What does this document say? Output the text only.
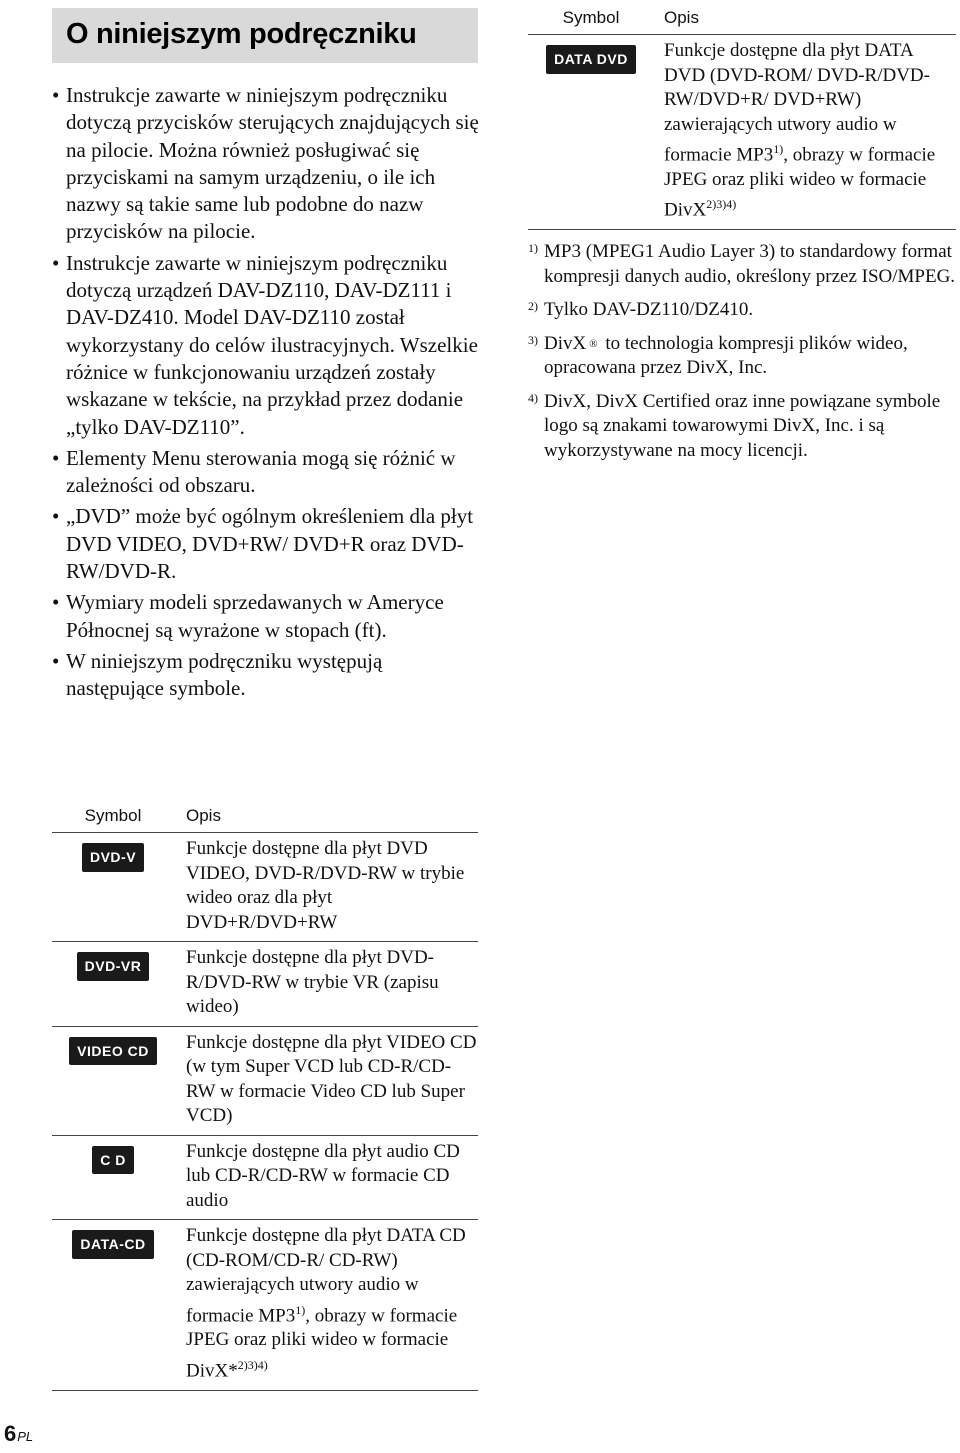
O niniejszym podręczniku
• Instrukcje zawarte w niniejszym podręczniku dotyczą przycisków sterujących znajdujących się na pilocie. Można również posługiwać się przyciskami na samym urządzeniu, o ile ich nazwy są takie same lub podobne do nazw przycisków na pilocie.
• Instrukcje zawarte w niniejszym podręczniku dotyczą urządzeń DAV-DZ110, DAV-DZ111 i DAV-DZ410. Model DAV-DZ110 został wykorzystany do celów ilustracyjnych. Wszelkie różnice w funkcjonowaniu urządzeń zostały wskazane w tekście, na przykład przez dodanie „tylko DAV-DZ110”.
• Elementy Menu sterowania mogą się różnić w zależności od obszaru.
• „DVD” może być ogólnym określeniem dla płyt DVD VIDEO, DVD+RW/ DVD+R oraz DVD-RW/DVD-R.
• Wymiary modeli sprzedawanych w Ameryce Północnej są wyrażone w stopach (ft).
• W niniejszym podręczniku występują następujące symbole.
Symbol	Opis
DVD-V	Funkcje dostępne dla płyt DVD VIDEO, DVD-R/DVD-RW w trybie wideo oraz dla płyt DVD+R/DVD+RW
DVD-VR	Funkcje dostępne dla płyt DVD-R/DVD-RW w trybie VR (zapisu wideo)
VIDEO CD	Funkcje dostępne dla płyt VIDEO CD (w tym Super VCD lub CD-R/CD-RW w formacie Video CD lub Super VCD)
C D	Funkcje dostępne dla płyt audio CD lub CD-R/CD-RW w formacie CD audio
DATA-CD	Funkcje dostępne dla płyt DATA CD (CD-ROM/CD-R/ CD-RW) zawierających utwory audio w formacie MP3$^{1)}$, obrazy w formacie JPEG oraz pliki wideo w formacie DivX*$^{2)3)4)}$
Symbol	Opis
DATA DVD	Funkcje dostępne dla płyt DATA DVD (DVD-ROM/ DVD-R/DVD-RW/DVD+R/ DVD+RW) zawierających utwory audio w formacie MP3$^{1)}$, obrazy w formacie JPEG oraz pliki wideo w formacie DivX$^{2)3)4)}$
1) MP3 (MPEG1 Audio Layer 3) to standardowy format kompresji danych audio, określony przez ISO/MPEG.
2) Tylko DAV-DZ110/DZ410.
3) DivX ® to technologia kompresji plików wideo, opracowana przez DivX, Inc.
4) DivX, DivX Certified oraz inne powiązane symbole logo są znakami towarowymi DivX, Inc. i są wykorzystywane na mocy licencji.
6PL
